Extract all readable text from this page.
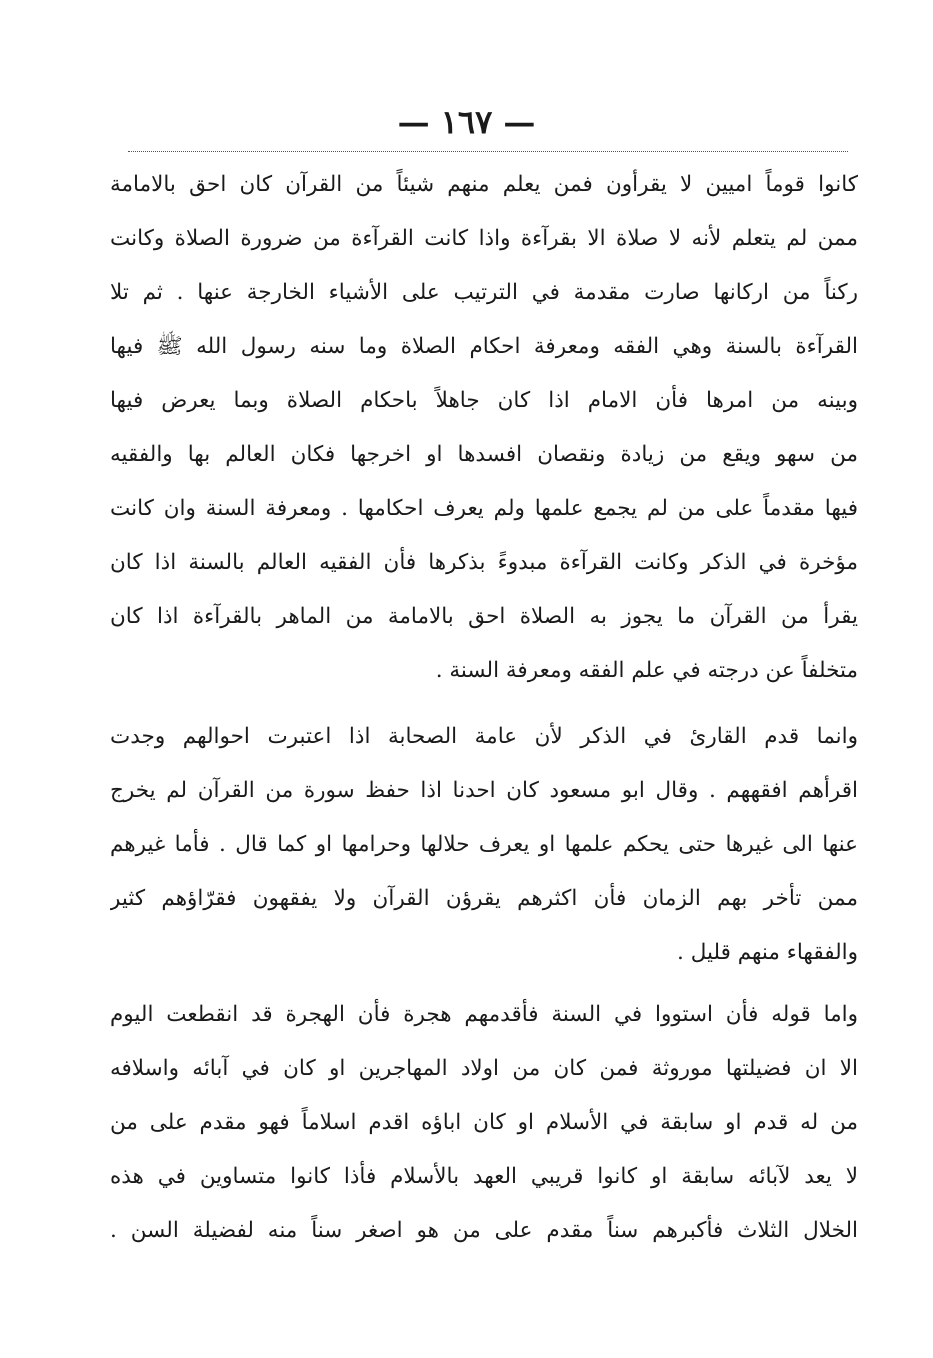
— ١٦٧ —
كانوا قوماً اميين لا يقرأون فمن يعلم منهم شيئاً من القرآن كان احق بالامامة
ممن لم يتعلم لأنه لا صلاة الا بقرآءة واذا كانت القرآءة من ضرورة الصلاة وكانت
ركناً من اركانها صارت مقدمة في الترتيب على الأشياء الخارجة عنها . ثم تلا
القرآءة بالسنة وهي الفقه ومعرفة احكام الصلاة وما سنه رسول الله ﷺ فيها
وبينه من امرها فأن الامام اذا كان جاهلاً باحكام الصلاة وبما يعرض فيها
من سهو ويقع من زيادة ونقصان افسدها او اخرجها فكان العالم بها والفقيه
فيها مقدماً على من لم يجمع علمها ولم يعرف احكامها . ومعرفة السنة وان كانت
مؤخرة في الذكر وكانت القرآءة مبدوءً بذكرها فأن الفقيه العالم بالسنة اذا كان
يقرأ من القرآن ما يجوز به الصلاة احق بالامامة من الماهر بالقرآءة اذا كان
متخلفاً عن درجته في علم الفقه ومعرفة السنة .
وانما قدم القارئ في الذكر لأن عامة الصحابة اذا اعتبرت احوالهم وجدت
اقرأهم افقههم . وقال ابو مسعود كان احدنا اذا حفظ سورة من القرآن لم يخرج
عنها الى غيرها حتى يحكم علمها او يعرف حلالها وحرامها او كما قال . فأما غيرهم
ممن تأخر بهم الزمان فأن اكثرهم يقرؤن القرآن ولا يفقهون فقرّاؤهم كثير
والفقهاء منهم قليل .
واما قوله فأن استووا في السنة فأقدمهم هجرة فأن الهجرة قد انقطعت اليوم
الا ان فضيلتها موروثة فمن كان من اولاد المهاجرين او كان في آبائه واسلافه
من له قدم او سابقة في الأسلام او كان اباؤه اقدم اسلاماً فهو مقدم على من
لا يعد لآبائه سابقة او كانوا قريبي العهد بالأسلام فأذا كانوا متساوين في هذه
الخلال الثلاث فأكبرهم سناً مقدم على من هو اصغر سناً منه لفضيلة السن .
